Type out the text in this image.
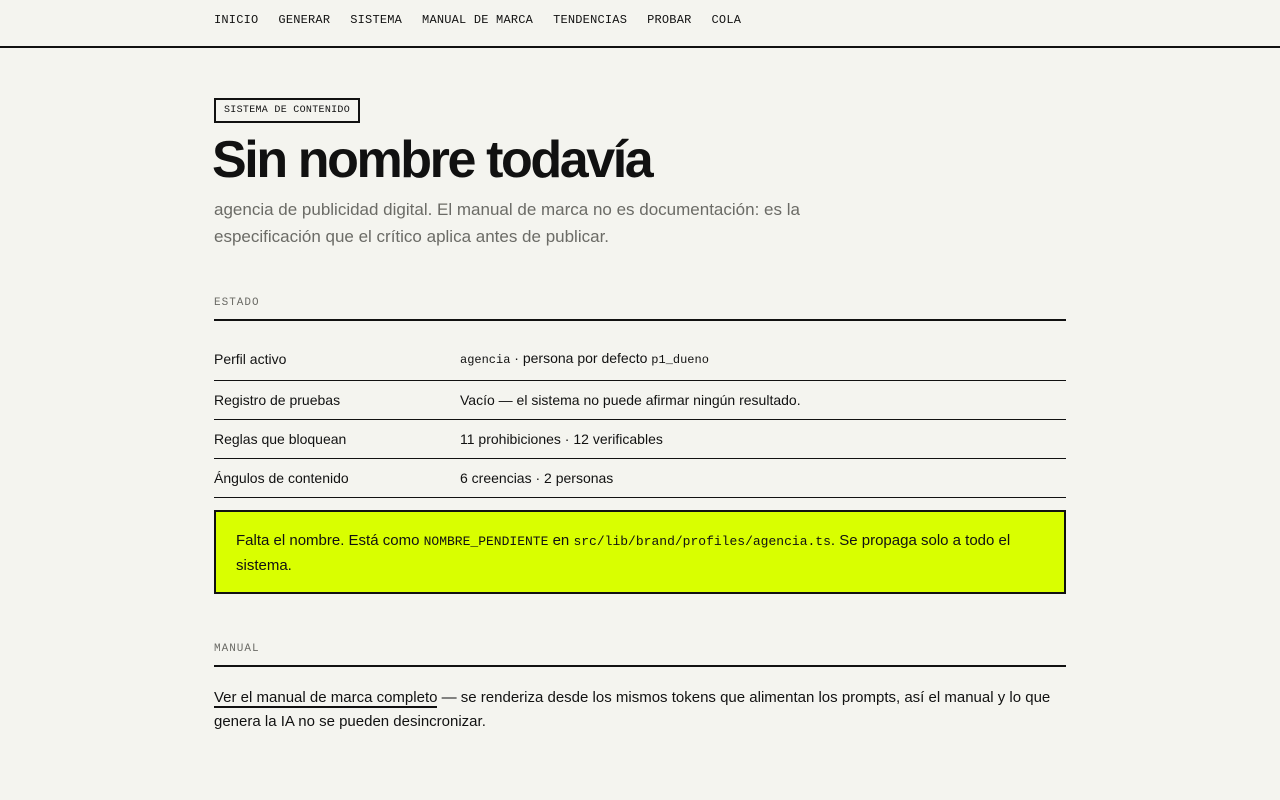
INICIO GENERAR SISTEMA MANUAL DE MARCA TENDENCIAS PROBAR COLA
SISTEMA DE CONTENIDO
Sin nombre todavía

agencia de publicidad digital. El manual de marca no es documentación: es la especificación que el crítico aplica antes de publicar.

ESTADO
Perfil activo	agencia · persona por defecto p1_dueno
Registro de pruebas	Vacío — el sistema no puede afirmar ningún resultado.
Reglas que bloquean	11 prohibiciones · 12 verificables
Ángulos de contenido	6 creencias · 2 personas
Falta el nombre. Está como NOMBRE_PENDIENTE en src/lib/brand/profiles/agencia.ts. Se propaga solo a todo el sistema.
MANUAL

Ver el manual de marca completo — se renderiza desde los mismos tokens que alimentan los prompts, así el manual y lo que genera la IA no se pueden desincronizar.
